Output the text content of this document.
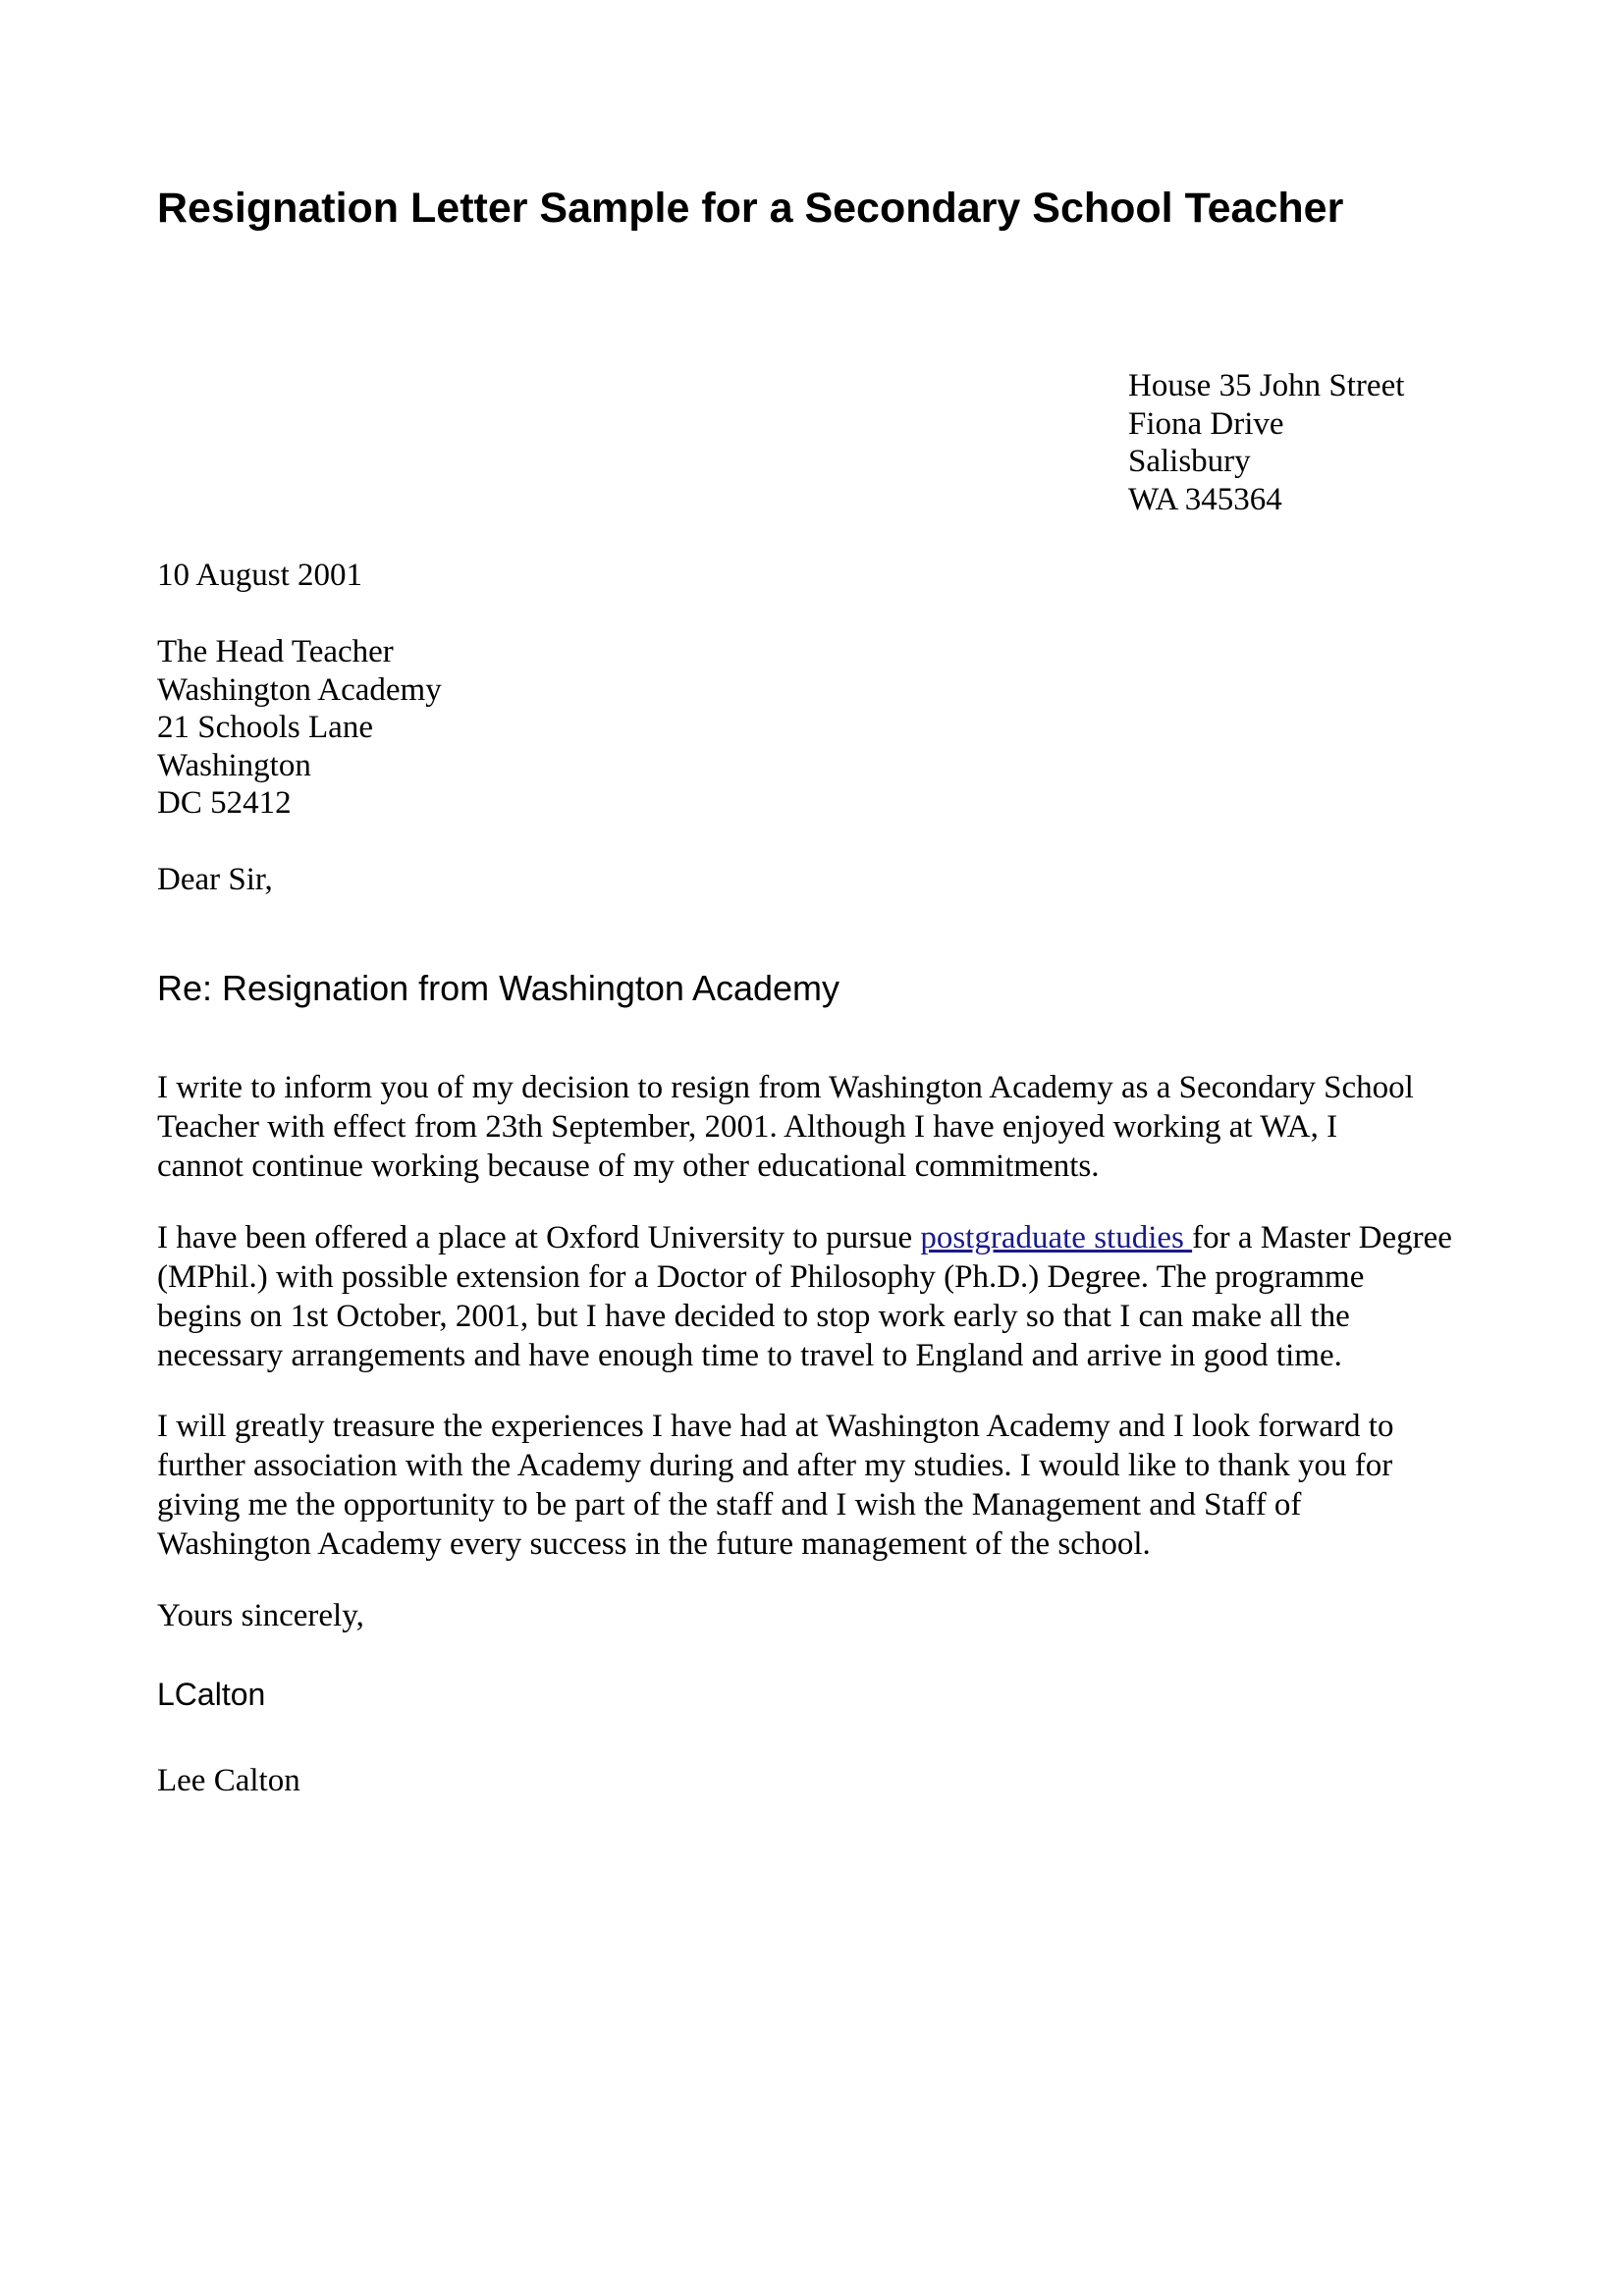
Resignation Letter Sample for a Secondary School Teacher
House 35 John Street
Fiona Drive
Salisbury
WA 345364
10 August 2001
The Head Teacher
Washington Academy
21 Schools Lane
Washington
DC 52412
Dear Sir,
Re: Resignation from Washington Academy
I write to inform you of my decision to resign from Washington Academy as a Secondary School
Teacher with effect from 23th September, 2001. Although I have enjoyed working at WA, I
cannot continue working because of my other educational commitments.
I have been offered a place at Oxford University to pursue postgraduate studies for a Master Degree
(MPhil.) with possible extension for a Doctor of Philosophy (Ph.D.) Degree. The programme
begins on 1st October, 2001, but I have decided to stop work early so that I can make all the
necessary arrangements and have enough time to travel to England and arrive in good time.
I will greatly treasure the experiences I have had at Washington Academy and I look forward to
further association with the Academy during and after my studies. I would like to thank you for
giving me the opportunity to be part of the staff and I wish the Management and Staff of
Washington Academy every success in the future management of the school.
Yours sincerely,
LCalton
Lee Calton
